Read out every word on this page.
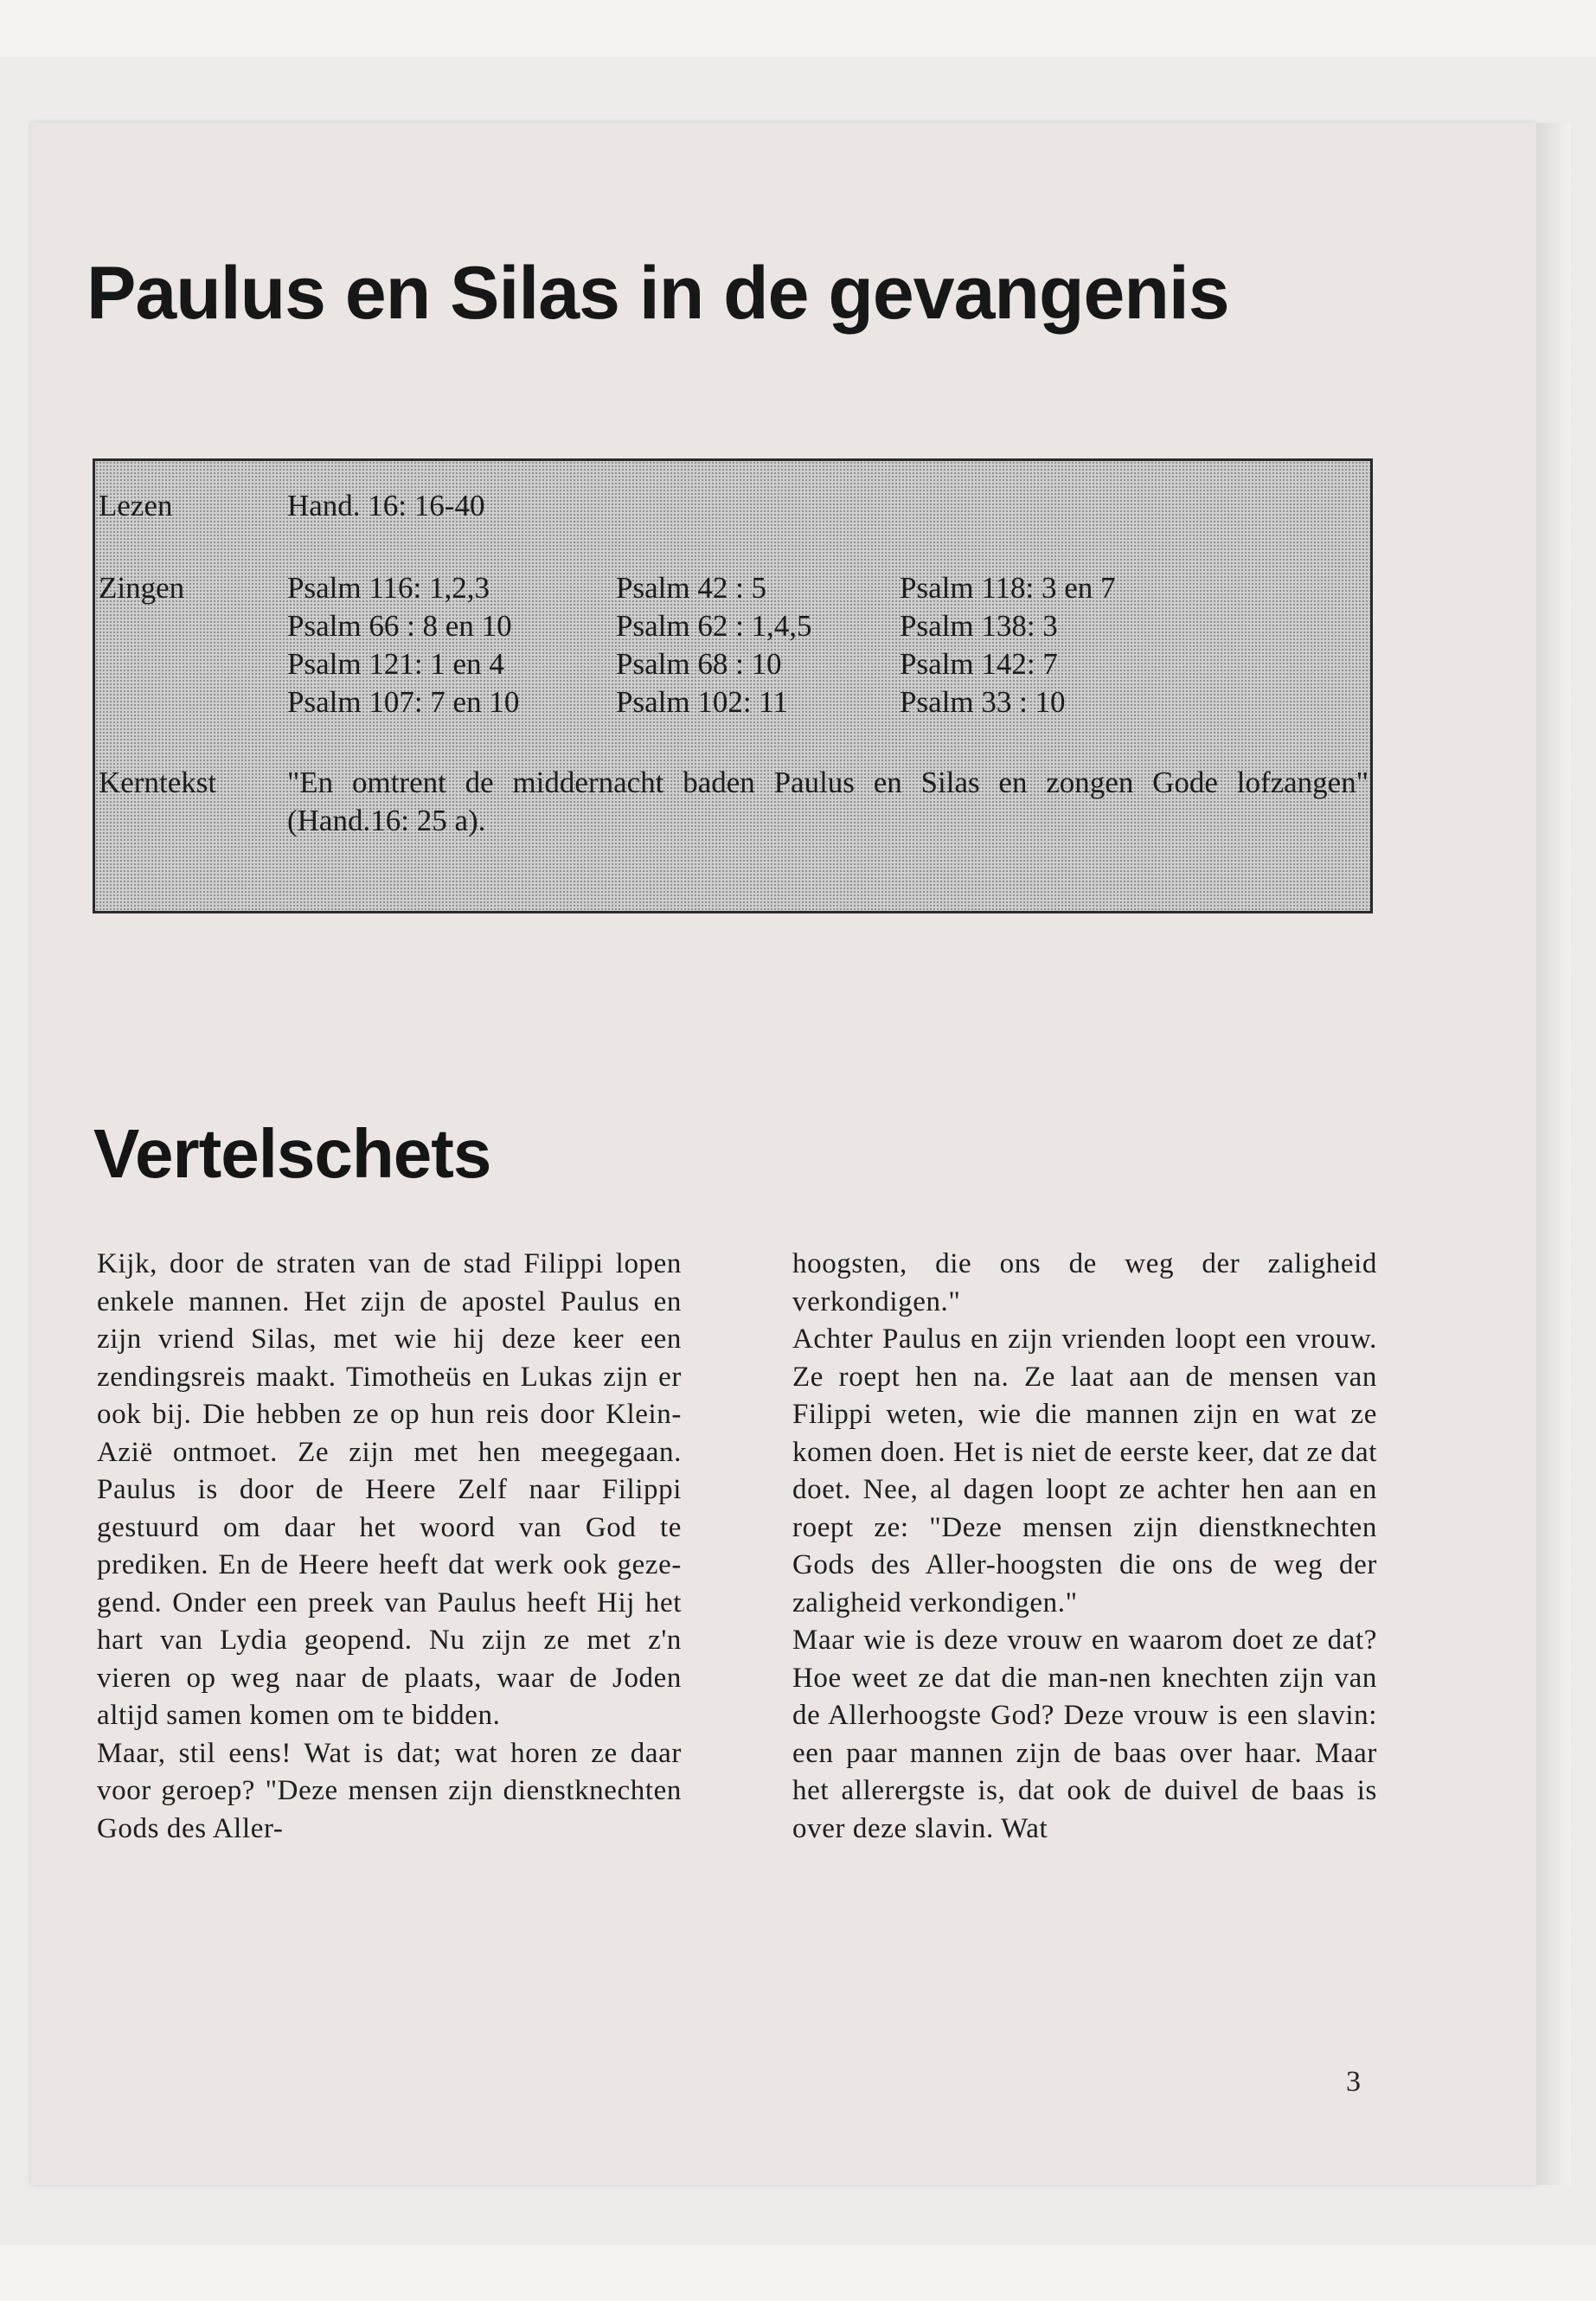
Paulus en Silas in de gevangenis
Lezen	Hand. 16: 16-40
Zingen	Psalm 116: 1,2,3
Psalm 66 : 8 en 10
Psalm 121: 1 en 4
Psalm 107: 7 en 10
Psalm 42 : 5
Psalm 62 : 1,4,5
Psalm 68 : 10
Psalm 102: 11
Psalm 118: 3 en 7
Psalm 138: 3
Psalm 142: 7
Psalm 33 : 10
Kerntekst "En omtrent de middernacht baden Paulus en Silas en zongen Gode lofzangen" (Hand.16: 25 a).
Vertelschets

Kijk, door de straten van de stad Filippi lopen enkele mannen. Het zijn de apostel Paulus en zijn vriend Silas, met wie hij deze keer een zendingsreis maakt. Timotheüs en Lukas zijn er ook bij. Die hebben ze op hun reis door Klein-Azië ontmoet. Ze zijn met hen meegegaan. Paulus is door de Heere Zelf naar Filippi gestuurd om daar het woord van God te prediken. En de Heere heeft dat werk ook geze-gend. Onder een preek van Paulus heeft Hij het hart van Lydia geopend. Nu zijn ze met z'n vieren op weg naar de plaats, waar de Joden altijd samen komen om te bidden.

Maar, stil eens! Wat is dat; wat horen ze daar voor geroep? "Deze mensen zijn dienstknechten Gods des Aller-

hoogsten, die ons de weg der zaligheid verkondigen."

Achter Paulus en zijn vrienden loopt een vrouw. Ze roept hen na. Ze laat aan de mensen van Filippi weten, wie die mannen zijn en wat ze komen doen. Het is niet de eerste keer, dat ze dat doet. Nee, al dagen loopt ze achter hen aan en roept ze: "Deze mensen zijn dienstknechten Gods des Aller-hoogsten die ons de weg der zaligheid verkondigen."

Maar wie is deze vrouw en waarom doet ze dat? Hoe weet ze dat die man-nen knechten zijn van de Allerhoogste God? Deze vrouw is een slavin: een paar mannen zijn de baas over haar. Maar het allerergste is, dat ook de duivel de baas is over deze slavin. Wat

3
